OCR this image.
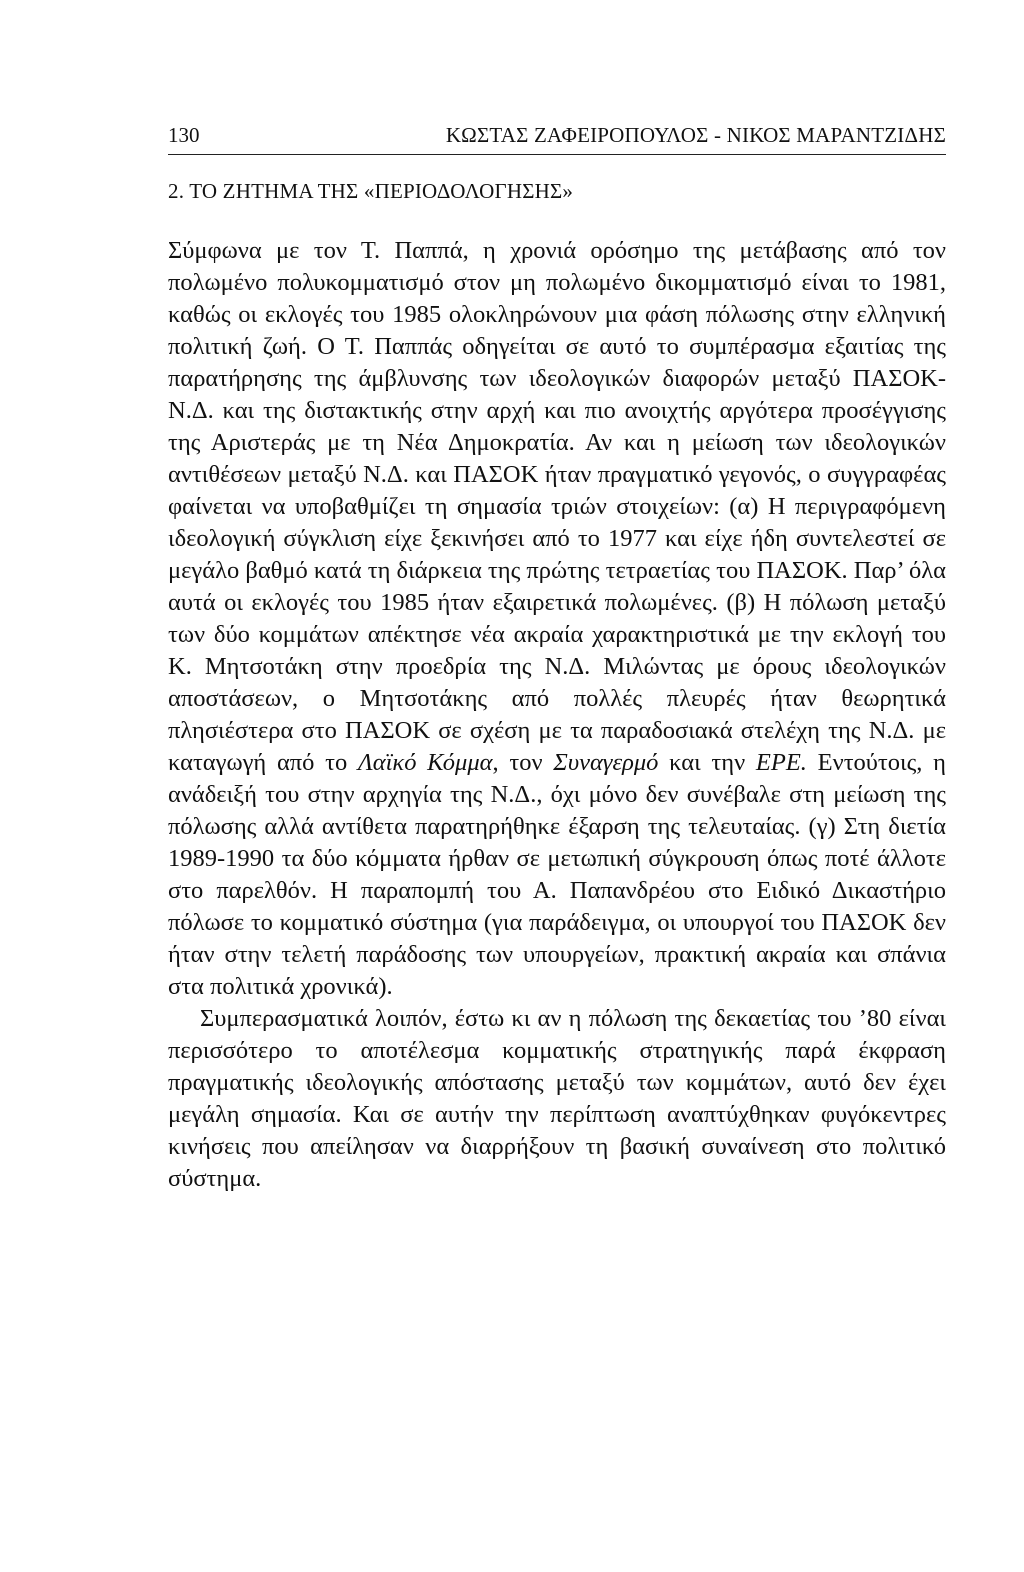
130	ΚΩΣΤΑΣ ΖΑΦΕΙΡΟΠΟΥΛΟΣ - ΝΙΚΟΣ ΜΑΡΑΝΤΖΙΔΗΣ
2. ΤΟ ΖΗΤΗΜΑ ΤΗΣ «ΠΕΡΙΟΔΟΛΟΓΗΣΗΣ»

Σύμφωνα με τον Τ. Παππά, η χρονιά ορόσημο της μετάβασης από τον πολωμένο πολυκομματισμό στον μη πολωμένο δικομματισμό είναι το 1981, καθώς οι εκλογές του 1985 ολοκληρώνουν μια φάση πόλωσης στην ελληνική πολιτική ζωή. Ο Τ. Παππάς οδηγείται σε αυτό το συμπέρασμα εξαιτίας της παρατήρησης της άμβλυνσης των ιδεολογικών διαφορών μεταξύ ΠΑΣΟΚ-Ν.Δ. και της διστακτικής στην αρχή και πιο ανοιχτής αργότερα προσέγγισης της Αριστεράς με τη Νέα Δημοκρατία. Αν και η μείωση των ιδεολογικών αντιθέσεων μεταξύ Ν.Δ. και ΠΑΣΟΚ ήταν πραγματικό γεγονός, ο συγγραφέας φαίνεται να υποβαθμίζει τη σημασία τριών στοιχείων: (α) Η περιγραφόμενη ιδεολογική σύγκλιση είχε ξεκινήσει από το 1977 και είχε ήδη συντελεστεί σε μεγάλο βαθμό κατά τη διάρκεια της πρώτης τετραετίας του ΠΑΣΟΚ. Παρ’ όλα αυτά οι εκλογές του 1985 ήταν εξαιρετικά πολωμένες. (β) Η πόλωση μεταξύ των δύο κομμάτων απέκτησε νέα ακραία χαρακτηριστικά με την εκλογή του Κ. Μητσοτάκη στην προεδρία της Ν.Δ. Μιλώντας με όρους ιδεολογικών αποστάσεων, ο Μητσοτάκης από πολλές πλευρές ήταν θεωρητικά πλησιέστερα στο ΠΑΣΟΚ σε σχέση με τα παραδοσιακά στελέχη της Ν.Δ. με καταγωγή από το Λαϊκό Κόμμα, τον Συναγερμό και την ΕΡΕ. Εντούτοις, η ανάδειξή του στην αρχηγία της Ν.Δ., όχι μόνο δεν συνέβαλε στη μείωση της πόλωσης αλλά αντίθετα παρατηρήθηκε έξαρση της τελευταίας. (γ) Στη διετία 1989-1990 τα δύο κόμματα ήρθαν σε μετωπική σύγκρουση όπως ποτέ άλλοτε στο παρελθόν. Η παραπομπή του Α. Παπανδρέου στο Ειδικό Δικαστήριο πόλωσε το κομματικό σύστημα (για παράδειγμα, οι υπουργοί του ΠΑΣΟΚ δεν ήταν στην τελετή παράδοσης των υπουργείων, πρακτική ακραία και σπάνια στα πολιτικά χρονικά).

Συμπερασματικά λοιπόν, έστω κι αν η πόλωση της δεκαετίας του ’80 είναι περισσότερο το αποτέλεσμα κομματικής στρατηγικής παρά έκφραση πραγματικής ιδεολογικής απόστασης μεταξύ των κομμάτων, αυτό δεν έχει μεγάλη σημασία. Και σε αυτήν την περίπτωση αναπτύχθηκαν φυγόκεντρες κινήσεις που απείλησαν να διαρρήξουν τη βασική συναίνεση στο πολιτικό σύστημα.
